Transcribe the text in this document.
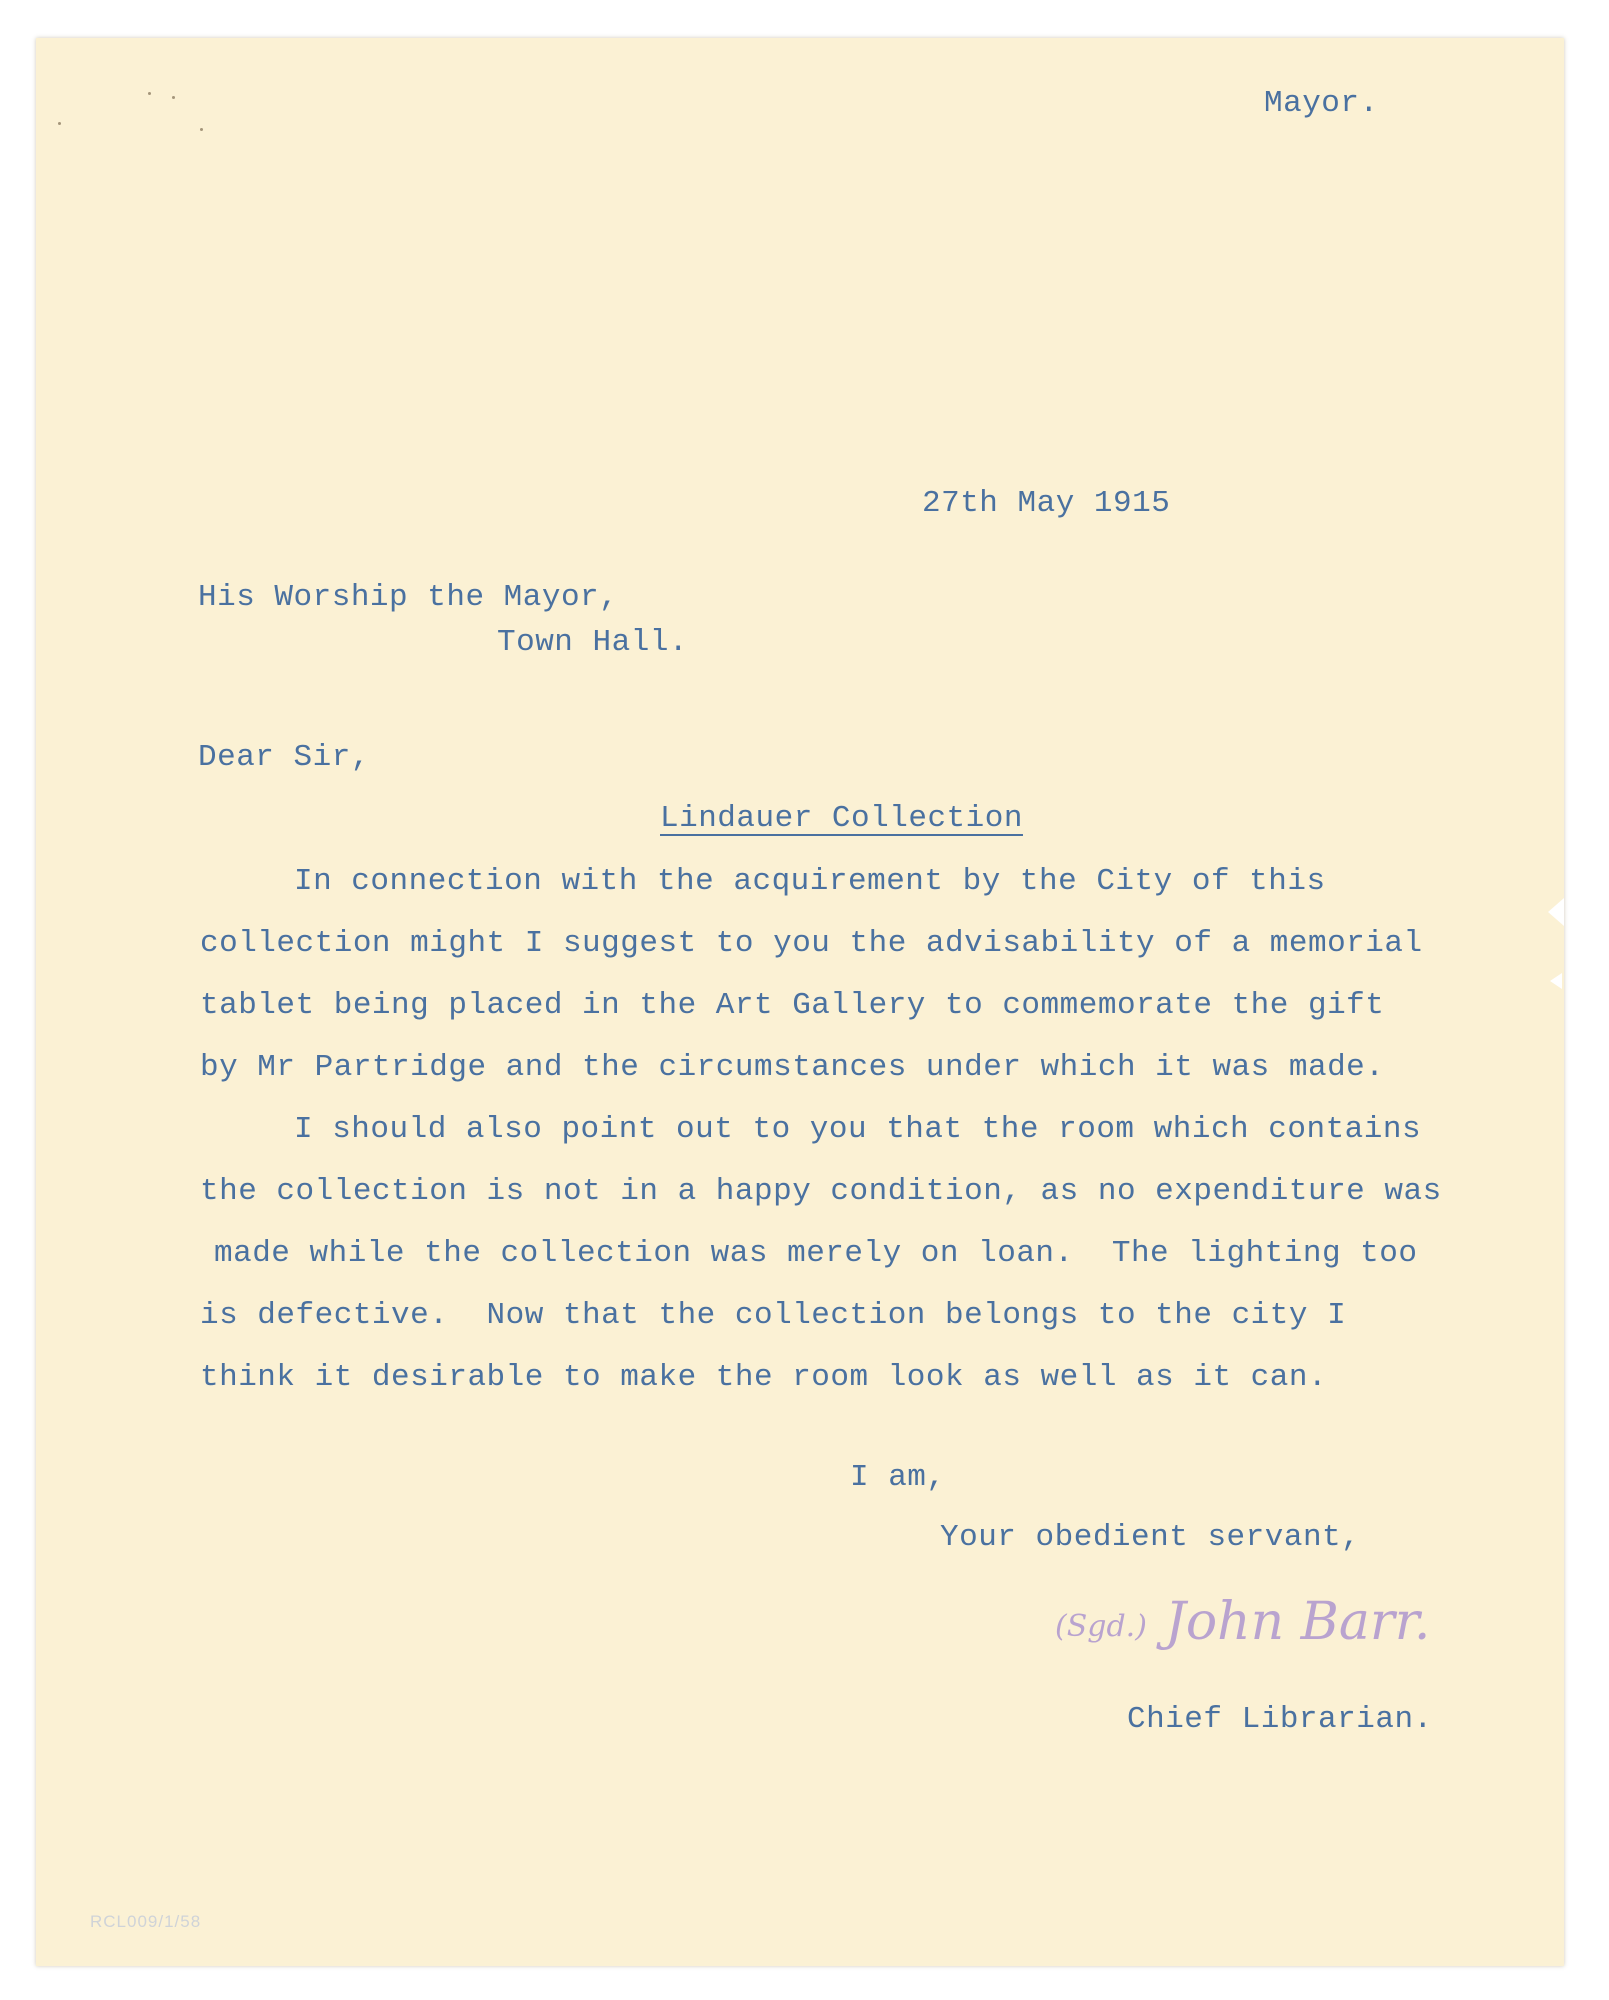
Mayor.
27th May 1915
His Worship the Mayor,
Town Hall.
Dear Sir,
Lindauer Collection
In connection with the acquirement by the City of this
collection might I suggest to you the advisability of a memorial
tablet being placed in the Art Gallery to commemorate the gift
by Mr Partridge and the circumstances under which it was made.
I should also point out to you that the room which contains
the collection is not in a happy condition, as no expenditure was
made while the collection was merely on loan.  The lighting too
is defective.  Now that the collection belongs to the city I
think it desirable to make the room look as well as it can.
I am,
Your obedient servant,
(Sgd.) John Barr.
Chief Librarian.
RCL009/1/58
